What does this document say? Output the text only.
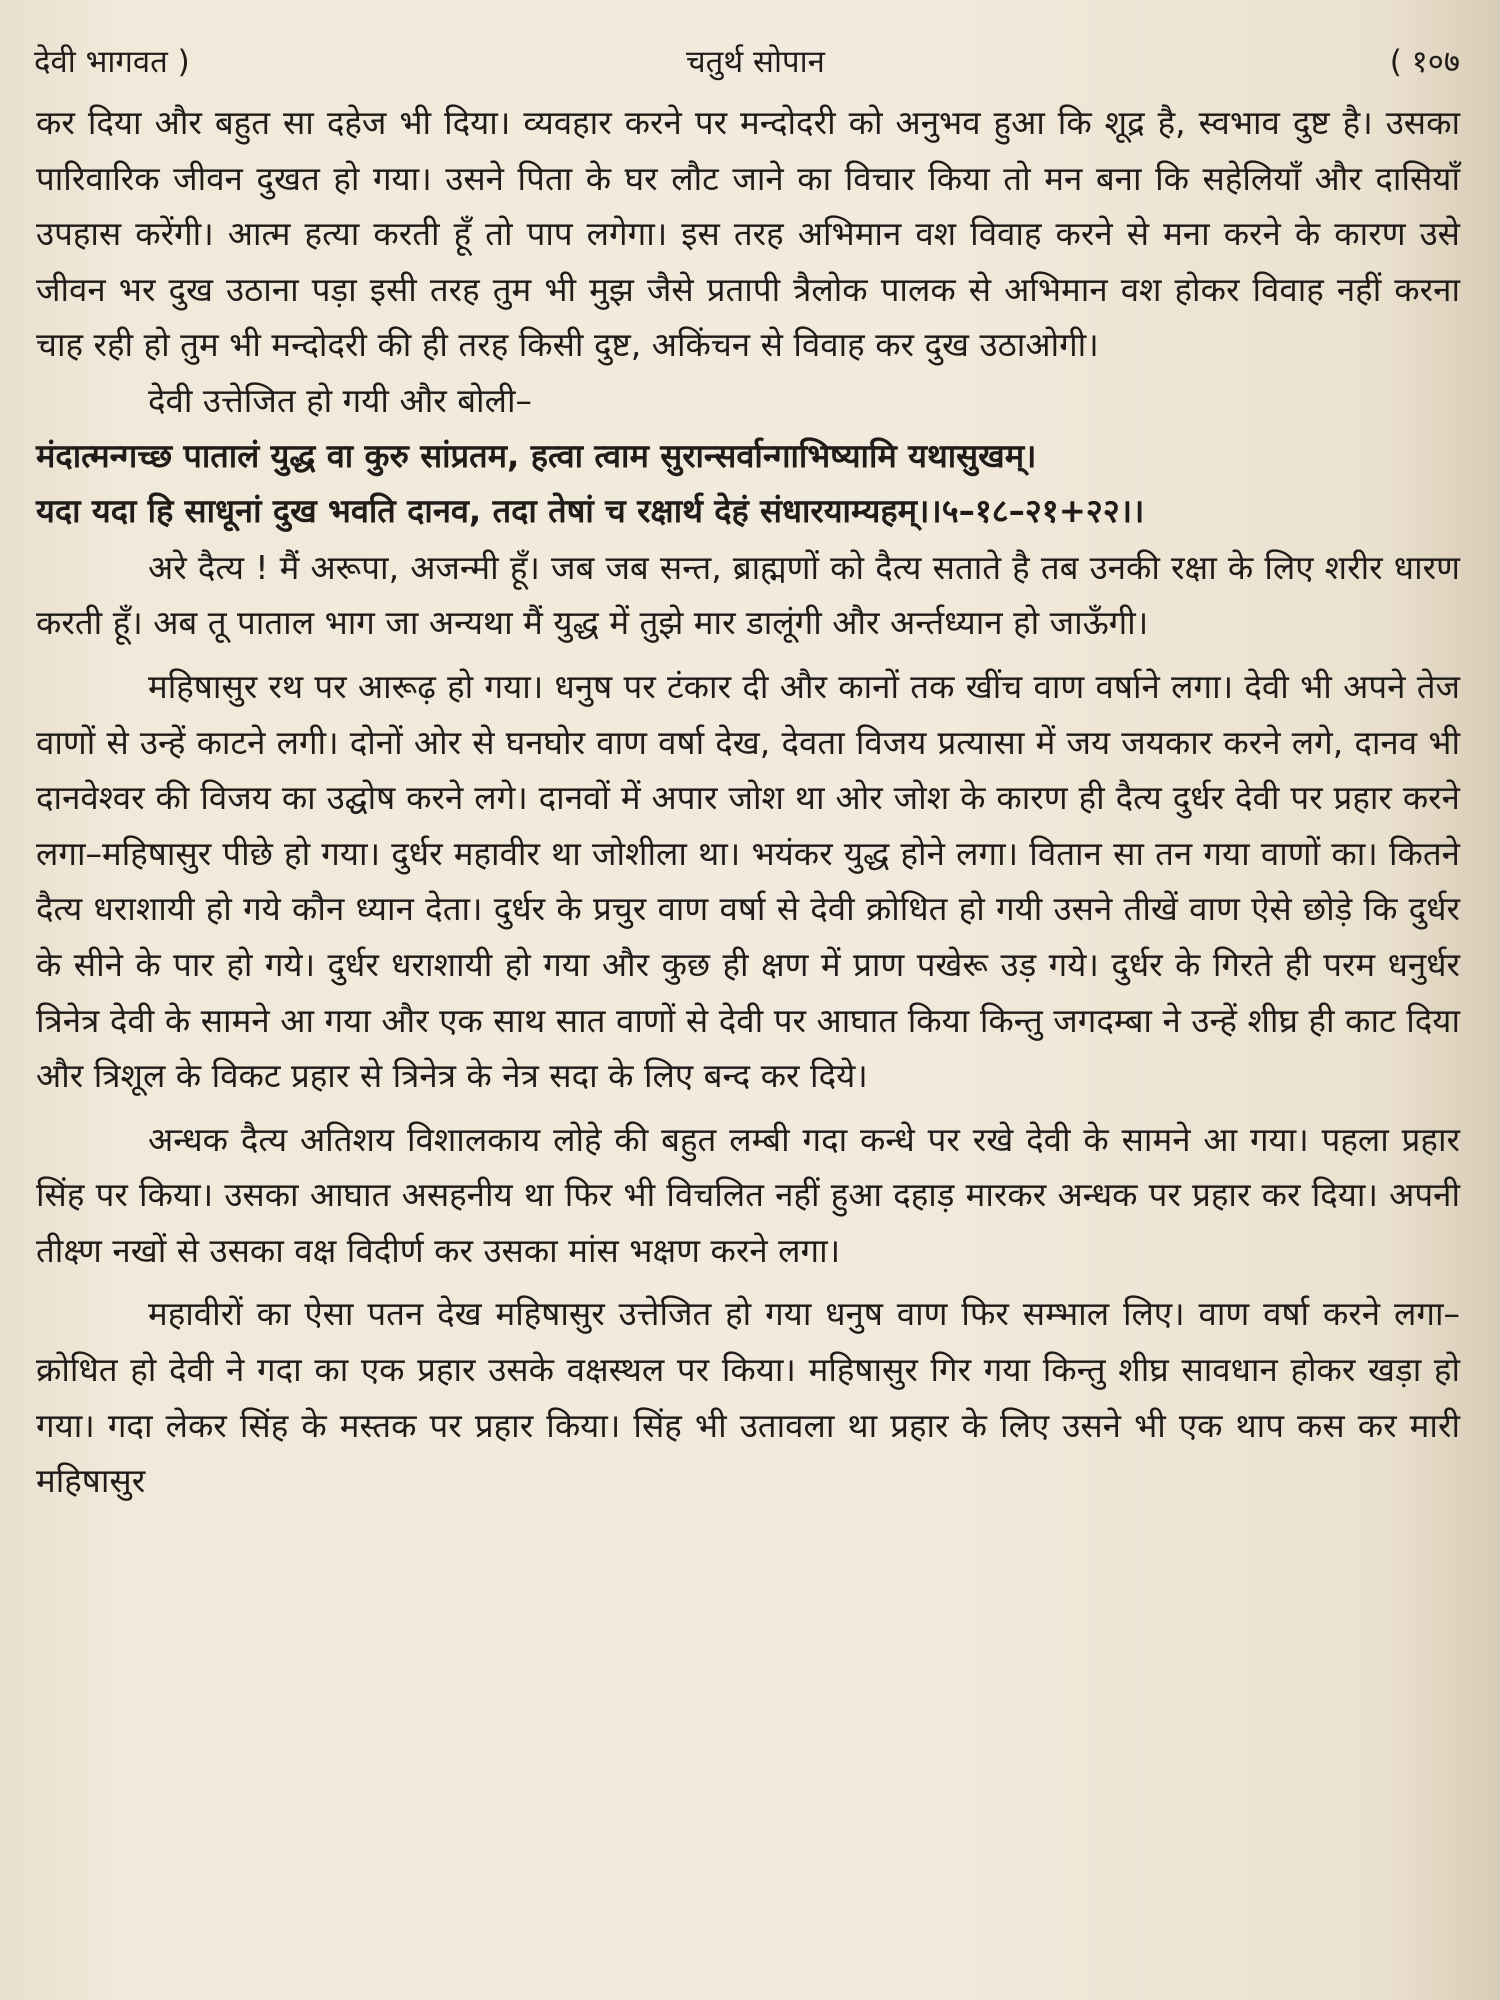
देवी भागवत )	चतुर्थ सोपान	( १०७

कर दिया और बहुत सा दहेज भी दिया। व्यवहार करने पर मन्दोदरी को अनुभव हुआ कि शूद्र है, स्वभाव दुष्ट है। उसका पारिवारिक जीवन दुखत हो गया। उसने पिता के घर लौट जाने का विचार किया तो मन बना कि सहेलियाँ और दासियाँ उपहास करेंगी। आत्म हत्या करती हूँ तो पाप लगेगा। इस तरह अभिमान वश विवाह करने से मना करने के कारण उसे जीवन भर दुख उठाना पड़ा इसी तरह तुम भी मुझ जैसे प्रतापी त्रैलोक पालक से अभिमान वश होकर विवाह नहीं करना चाह रही हो तुम भी मन्दोदरी की ही तरह किसी दुष्ट, अकिंचन से विवाह कर दुख उठाओगी।

देवी उत्तेजित हो गयी और बोली–

मंदात्मन्गच्छ पातालं युद्ध वा कुरु सांप्रतम, हत्वा त्वाम सुरान्सर्वान्गाभिष्यामि यथासुखम्।

यदा यदा हि साधूनां दुख भवति दानव, तदा तेषां च रक्षार्थ देहं संधारयाम्यहम्।।५–१८–२१+२२।।

अरे दैत्य ! मैं अरूपा, अजन्मी हूँ। जब जब सन्त, ब्राह्मणों को दैत्य सताते है तब उनकी रक्षा के लिए शरीर धारण करती हूँ। अब तू पाताल भाग जा अन्यथा मैं युद्ध में तुझे मार डालूंगी और अर्न्तध्यान हो जाऊँगी।

महिषासुर रथ पर आरूढ़ हो गया। धनुष पर टंकार दी और कानों तक खींच वाण वर्षाने लगा। देवी भी अपने तेज वाणों से उन्हें काटने लगी। दोनों ओर से घनघोर वाण वर्षा देख, देवता विजय प्रत्यासा में जय जयकार करने लगे, दानव भी दानवेश्वर की विजय का उद्घोष करने लगे। दानवों में अपार जोश था ओर जोश के कारण ही दैत्य दुर्धर देवी पर प्रहार करने लगा–महिषासुर पीछे हो गया। दुर्धर महावीर था जोशीला था। भयंकर युद्ध होने लगा। वितान सा तन गया वाणों का। कितने दैत्य धराशायी हो गये कौन ध्यान देता। दुर्धर के प्रचुर वाण वर्षा से देवी क्रोधित हो गयी उसने तीखें वाण ऐसे छोड़े कि दुर्धर के सीने के पार हो गये। दुर्धर धराशायी हो गया और कुछ ही क्षण में प्राण पखेरू उड़ गये। दुर्धर के गिरते ही परम धनुर्धर त्रिनेत्र देवी के सामने आ गया और एक साथ सात वाणों से देवी पर आघात किया किन्तु जगदम्बा ने उन्हें शीघ्र ही काट दिया और त्रिशूल के विकट प्रहार से त्रिनेत्र के नेत्र सदा के लिए बन्द कर दिये।

अन्धक दैत्य अतिशय विशालकाय लोहे की बहुत लम्बी गदा कन्धे पर रखे देवी के सामने आ गया। पहला प्रहार सिंह पर किया। उसका आघात असहनीय था फिर भी विचलित नहीं हुआ दहाड़ मारकर अन्धक पर प्रहार कर दिया। अपनी तीक्ष्ण नखों से उसका वक्ष विदीर्ण कर उसका मांस भक्षण करने लगा।

महावीरों का ऐसा पतन देख महिषासुर उत्तेजित हो गया धनुष वाण फिर सम्भाल लिए। वाण वर्षा करने लगा–क्रोधित हो देवी ने गदा का एक प्रहार उसके वक्षस्थल पर किया। महिषासुर गिर गया किन्तु शीघ्र सावधान होकर खड़ा हो गया। गदा लेकर सिंह के मस्तक पर प्रहार किया। सिंह भी उतावला था प्रहार के लिए उसने भी एक थाप कस कर मारी महिषासुर
